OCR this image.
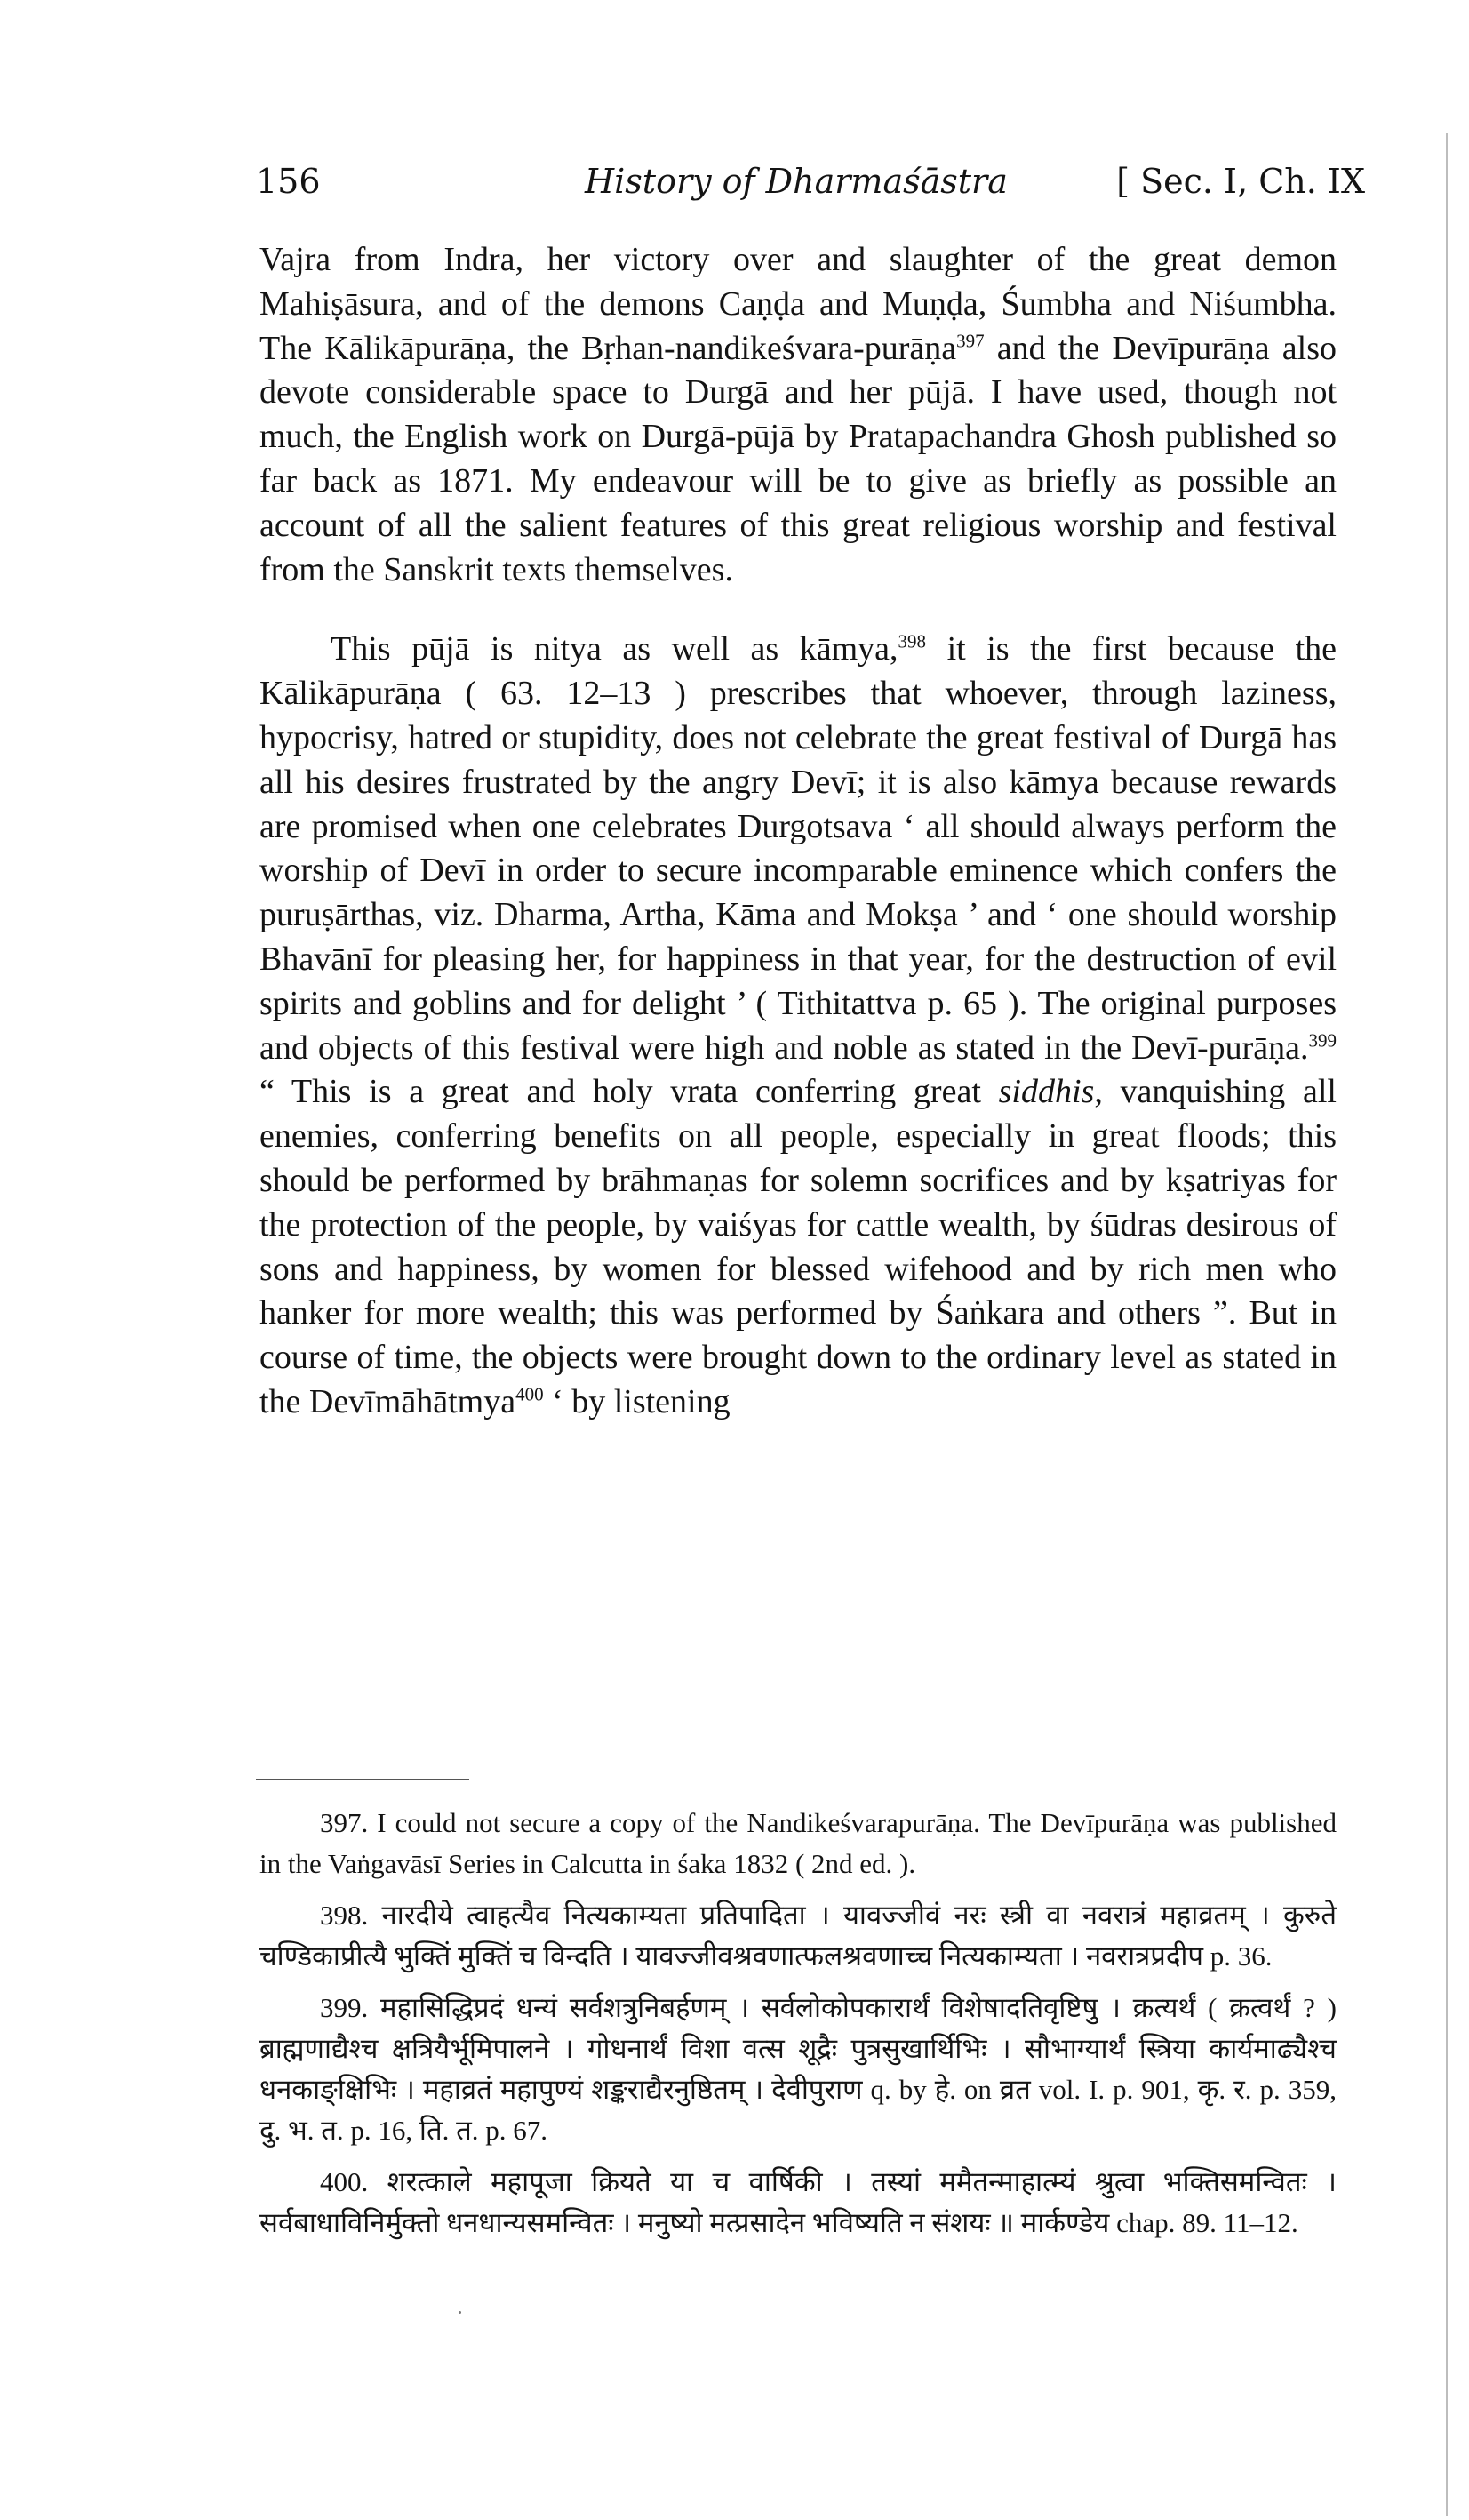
156	History of Dharmaśāstra	[ Sec. I, Ch. IX

Vajra from Indra, her victory over and slaughter of the great demon Mahiṣāsura, and of the demons Caṇḍa and Muṇḍa, Śumbha and Niśumbha. The Kālikāpurāṇa, the Bṛhan-nandikeśvara-purāṇa$^{397}$ and the Devīpurāṇa also devote considerable space to Durgā and her pūjā. I have used, though not much, the English work on Durgā-pūjā by Pratapachandra Ghosh published so far back as 1871. My endeavour will be to give as briefly as possible an account of all the salient features of this great religious worship and festival from the Sanskrit texts themselves.

This pūjā is nitya as well as kāmya,$^{398}$ it is the first because the Kālikāpurāṇa ( 63. 12–13 ) prescribes that whoever, through laziness, hypocrisy, hatred or stupidity, does not celebrate the great festival of Durgā has all his desires frustrated by the angry Devī; it is also kāmya because rewards are promised when one celebrates Durgotsava ‘ all should always perform the worship of Devī in order to secure incomparable eminence which confers the puruṣārthas, viz. Dharma, Artha, Kāma and Mokṣa ’ and ‘ one should worship Bhavānī for pleasing her, for happiness in that year, for the destruction of evil spirits and goblins and for delight ’ ( Tithitattva p. 65 ). The original purposes and objects of this festival were high and noble as stated in the Devī-purāṇa.$^{399}$ “ This is a great and holy vrata conferring great siddhis, vanquishing all enemies, conferring benefits on all people, especially in great floods; this should be performed by brāhmaṇas for solemn socrifices and by kṣatriyas for the protection of the people, by vaiśyas for cattle wealth, by śūdras desirous of sons and happiness, by women for blessed wifehood and by rich men who hanker for more wealth; this was performed by Śaṅkara and others ”. But in course of time, the objects were brought down to the ordinary level as stated in the Devīmāhātmya$^{400}$ ‘ by listening

397. I could not secure a copy of the Nandikeśvarapurāṇa. The Devīpurāṇa was published in the Vaṅgavāsī Series in Calcutta in śaka 1832 ( 2nd ed. ).

398. नारदीये त्वाहत्यैव नित्यकाम्यता प्रतिपादिता । यावज्जीवं नरः स्त्री वा नवरात्रं महाव्रतम् । कुरुते चण्डिकाप्रीत्यै भुक्तिं मुक्तिं च विन्दति । यावज्जीवश्रवणात्फलश्रवणाच्च नित्यकाम्यता । नवरात्रप्रदीप p. 36.

399. महासिद्धिप्रदं धन्यं सर्वशत्रुनिबर्हणम् । सर्वलोकोपकारार्थं विशेषादतिवृष्टिषु । क्रत्यर्थं ( क्रत्वर्थं ? ) ब्राह्मणाद्यैश्च क्षत्रियैर्भूमिपालने । गोधनार्थं विशा वत्स शूद्रैः पुत्रसुखार्थिभिः । सौभाग्यार्थं स्त्रिया कार्यमाढ्यैश्च धनकाङ्क्षिभिः । महाव्रतं महापुण्यं शङ्कराद्यैरनुष्ठितम् । देवीपुराण q. by हे. on व्रत vol. I. p. 901, कृ. र. p. 359, दु. भ. त. p. 16, ति. त. p. 67.

400. शरत्काले महापूजा क्रियते या च वार्षिकी । तस्यां ममैतन्माहात्म्यं श्रुत्वा भक्तिसमन्वितः । सर्वबाधाविनिर्मुक्तो धनधान्यसमन्वितः । मनुष्यो मत्प्रसादेन भविष्यति न संशयः ॥ मार्कण्डेय chap. 89. 11–12.
